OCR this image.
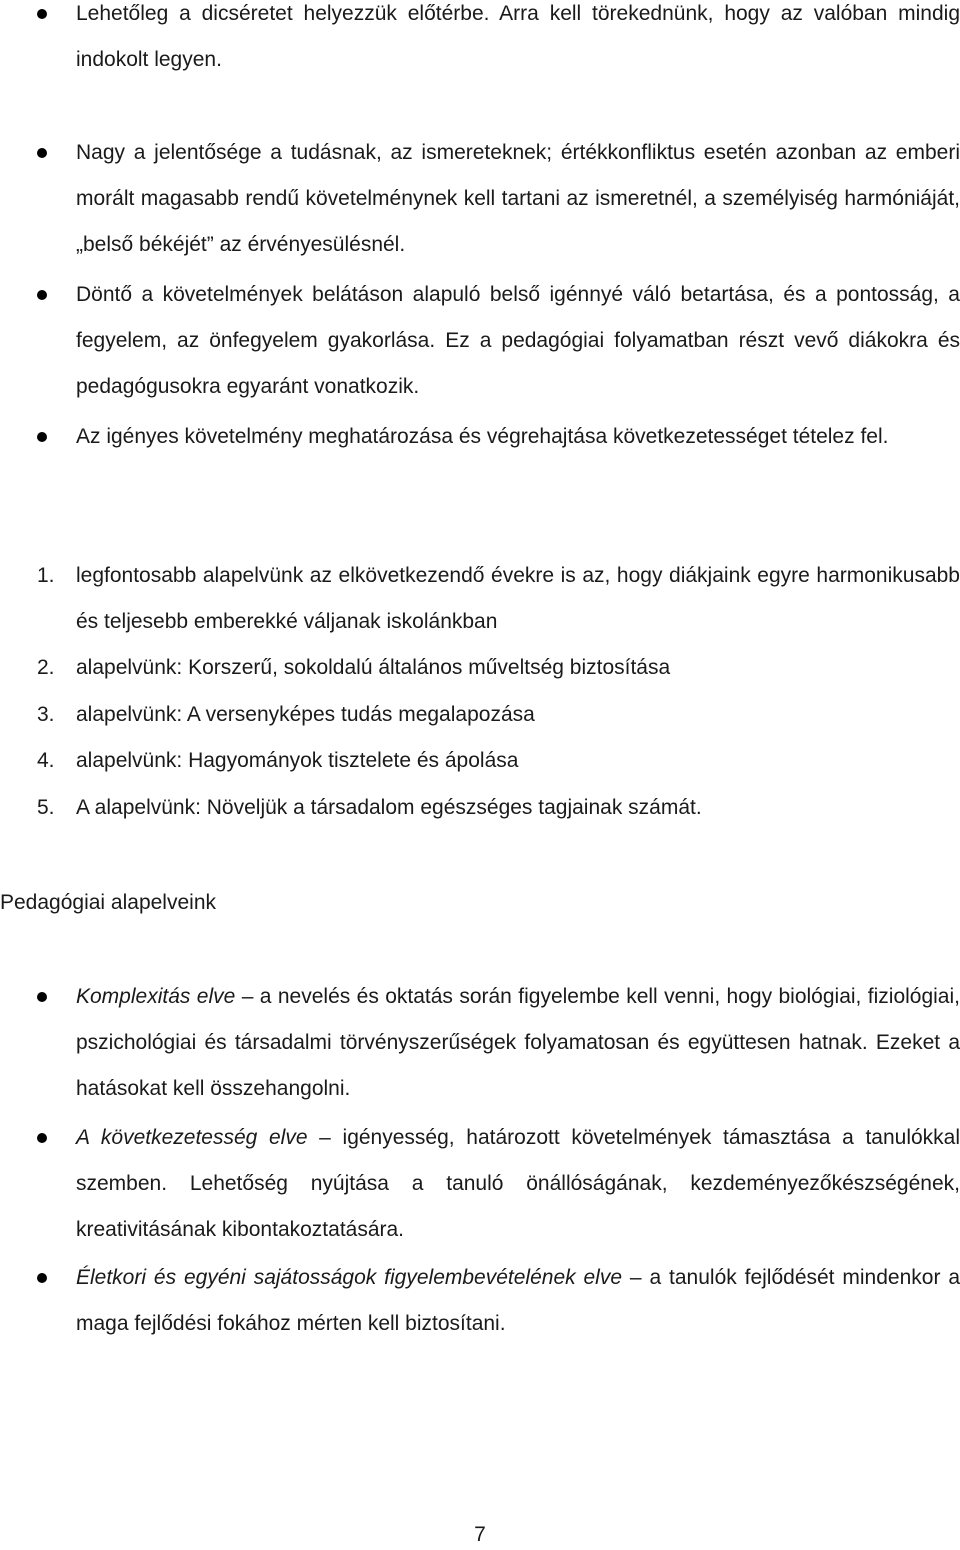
Lehetőleg a dicséretet helyezzük előtérbe. Arra kell törekednünk, hogy az valóban mindig indokolt legyen.

Nagy a jelentősége a tudásnak, az ismereteknek; értékkonfliktus esetén azonban az emberi morált magasabb rendű követelménynek kell tartani az ismeretnél, a személyiség harmóniáját, „belső békéjét” az érvényesülésnél.

Döntő a követelmények belátáson alapuló belső igénnyé váló betartása, és a pontosság, a fegyelem, az önfegyelem gyakorlása. Ez a pedagógiai folyamatban részt vevő diákokra és pedagógusokra egyaránt vonatkozik.

Az igényes követelmény meghatározása és végrehajtása következetességet tételez fel.

1. legfontosabb alapelvünk az elkövetkezendő évekre is az, hogy diákjaink egyre harmonikusabb és teljesebb emberekké váljanak iskolánkban

2. alapelvünk: Korszerű, sokoldalú általános műveltség biztosítása

3. alapelvünk: A versenyképes tudás megalapozása

4. alapelvünk: Hagyományok tisztelete és ápolása

5. A alapelvünk: Növeljük a társadalom egészséges tagjainak számát.

Pedagógiai alapelveink

Komplexitás elve – a nevelés és oktatás során figyelembe kell venni, hogy biológiai, fiziológiai, pszichológiai és társadalmi törvényszerűségek folyamatosan és együttesen hatnak. Ezeket a hatásokat kell összehangolni.

A következetesség elve – igényesség, határozott követelmények támasztása a tanulókkal szemben. Lehetőség nyújtása a tanuló önállóságának, kezdeményezőkészségének, kreativitásának kibontakoztatására.

Életkori és egyéni sajátosságok figyelembevételének elve – a tanulók fejlődését mindenkor a maga fejlődési fokához mérten kell biztosítani.

7
